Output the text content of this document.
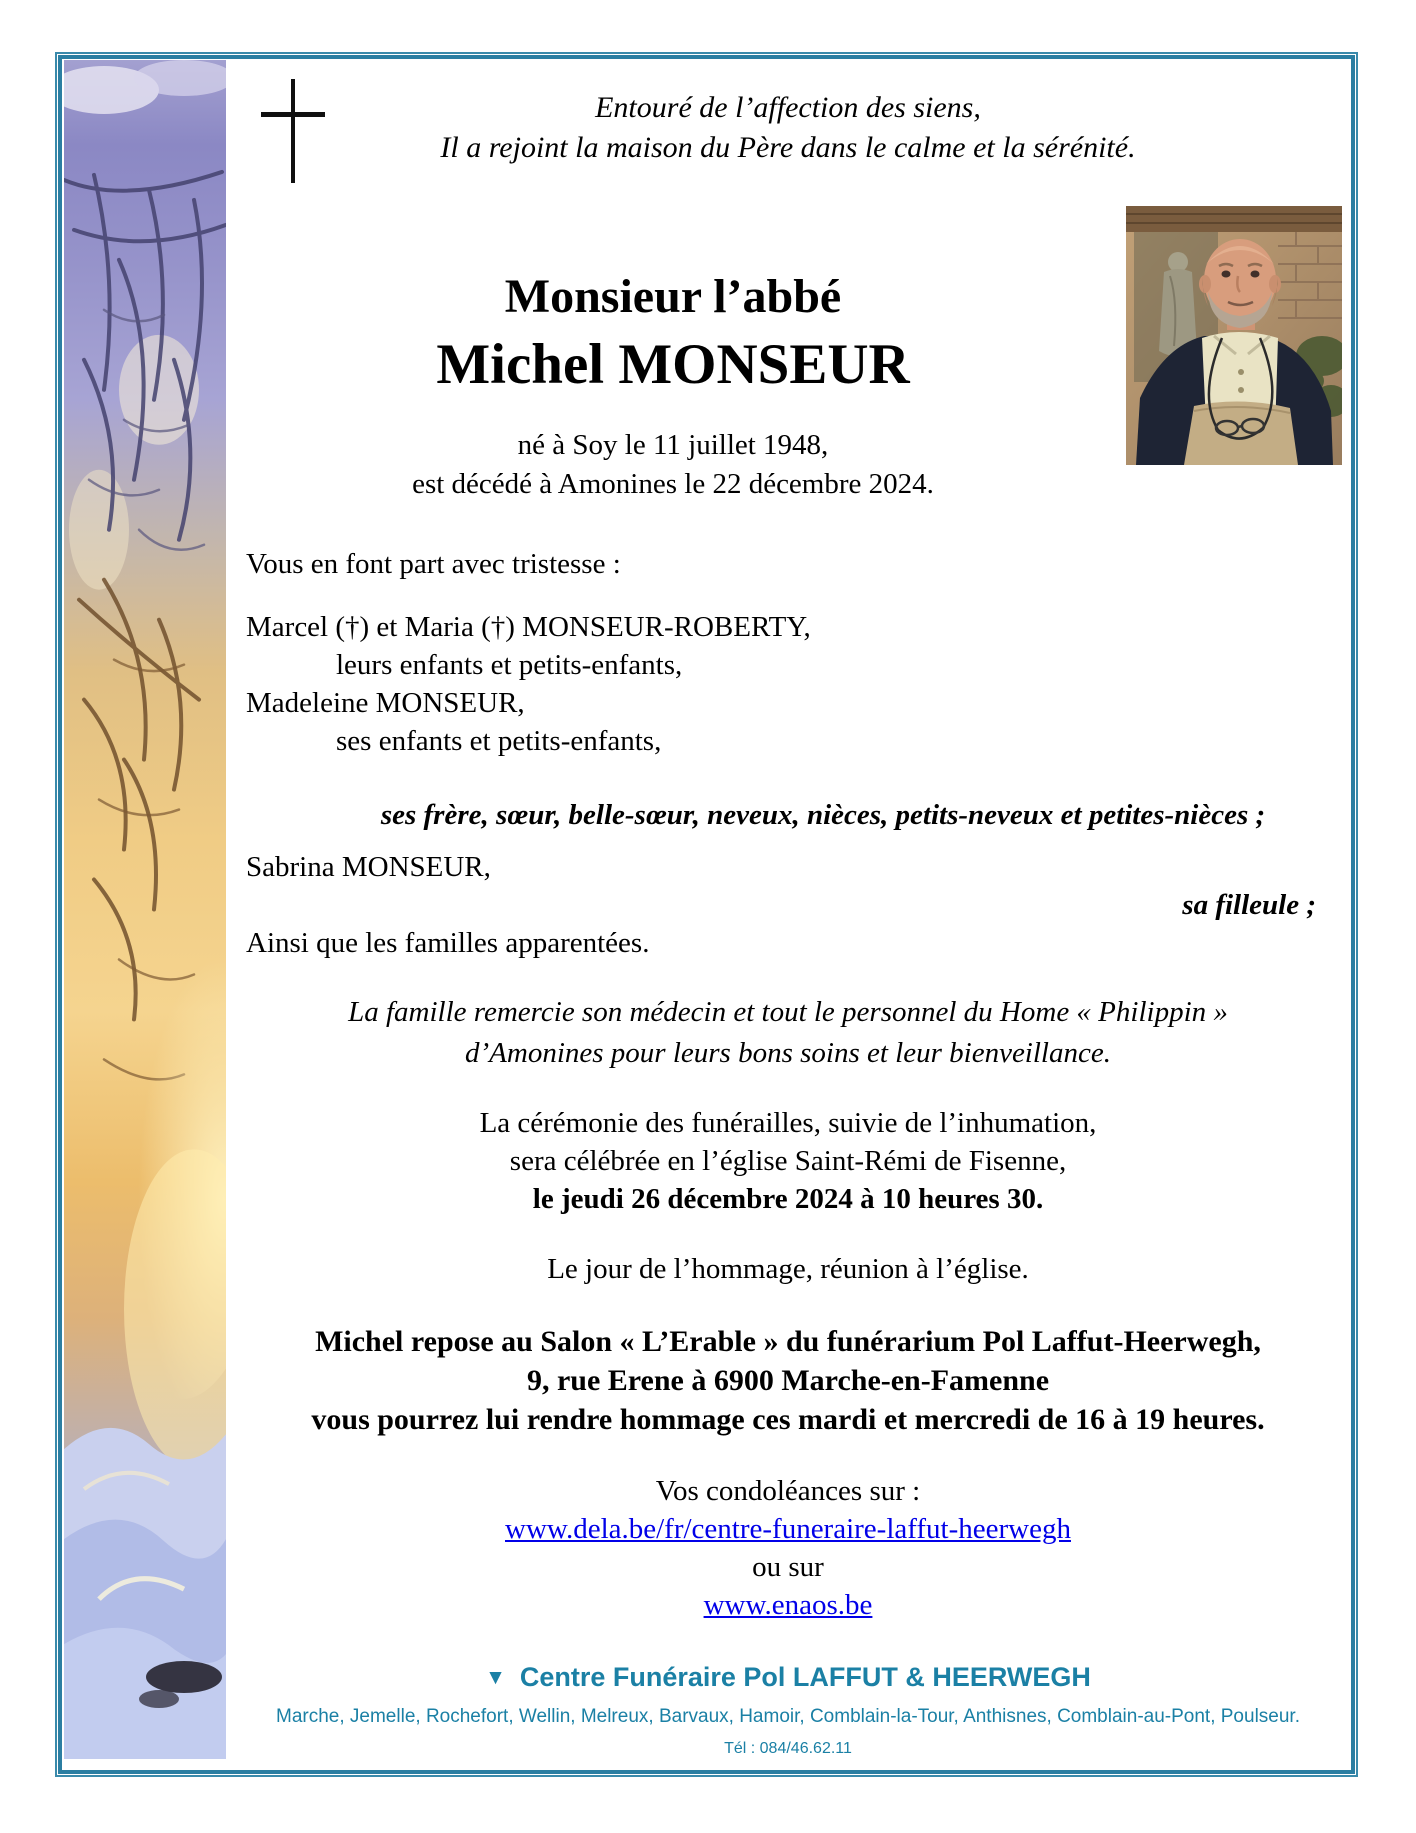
Entouré de l’affection des siens,
Il a rejoint la maison du Père dans le calme et la sérénité.
Monsieur l’abbé
Michel MONSEUR
né à Soy le 11 juillet 1948,
est décédé à Amonines le 22 décembre 2024.
Vous en font part avec tristesse :
Marcel (†) et Maria (†) MONSEUR-ROBERTY,
leurs enfants et petits-enfants,
Madeleine MONSEUR,
ses enfants et petits-enfants,
ses frère, sœur, belle-sœur, neveux, nièces, petits-neveux et petites-nièces ;
Sabrina MONSEUR,
sa filleule ;
Ainsi que les familles apparentées.
La famille remercie son médecin et tout le personnel du Home « Philippin »
d’Amonines pour leurs bons soins et leur bienveillance.
La cérémonie des funérailles, suivie de l’inhumation,
sera célébrée en l’église Saint-Rémi de Fisenne,
le jeudi 26 décembre 2024 à 10 heures 30.
Le jour de l’hommage, réunion à l’église.
Michel repose au Salon « L’Erable » du funérarium Pol Laffut-Heerwegh,
9, rue Erene à 6900 Marche-en-Famenne
vous pourrez lui rendre hommage ces mardi et mercredi de 16 à 19 heures.
Vos condoléances sur :
www.dela.be/fr/centre-funeraire-laffut-heerwegh
ou sur
www.enaos.be
▼ Centre Funéraire Pol LAFFUT & HEERWEGH
Marche, Jemelle, Rochefort, Wellin, Melreux, Barvaux, Hamoir, Comblain-la-Tour, Anthisnes, Comblain-au-Pont, Poulseur.
Tél : 084/46.62.11
